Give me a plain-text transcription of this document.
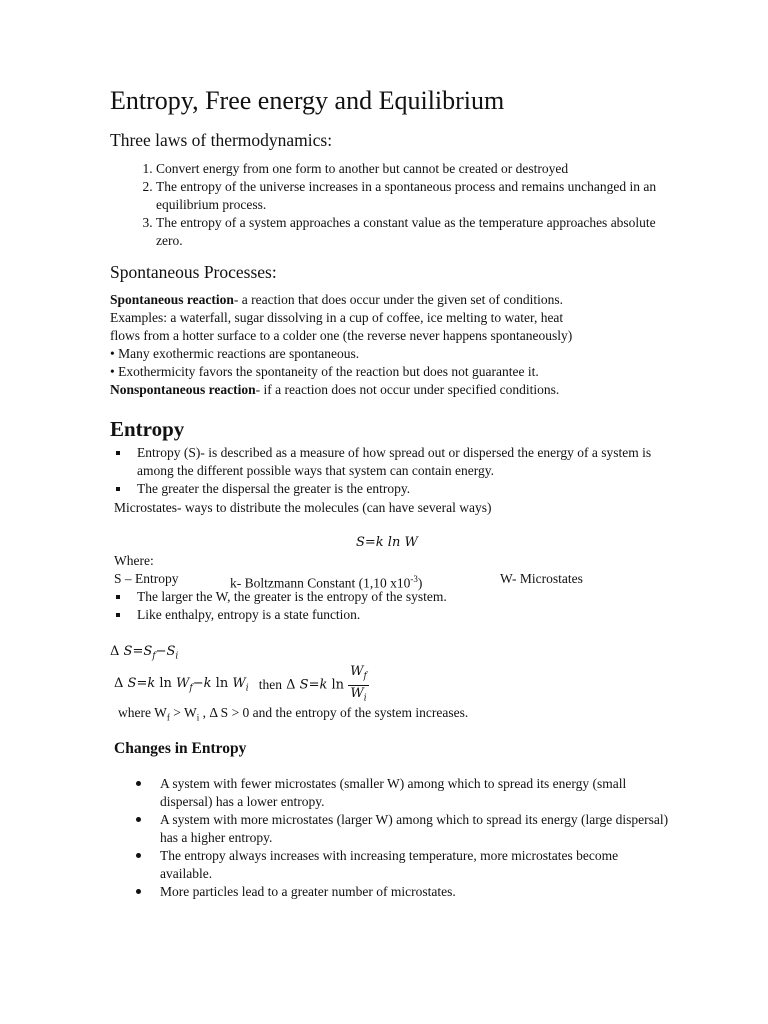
Entropy, Free energy and Equilibrium
Three laws of thermodynamics:
1. Convert energy from one form to another but cannot be created or destroyed
2. The entropy of the universe increases in a spontaneous process and remains unchanged in an equilibrium process.
3. The entropy of a system approaches a constant value as the temperature approaches absolute zero.
Spontaneous Processes:
Spontaneous reaction- a reaction that does occur under the given set of conditions.
Examples: a waterfall, sugar dissolving in a cup of coffee, ice melting to water, heat
flows from a hotter surface to a colder one (the reverse never happens spontaneously)
• Many exothermic reactions are spontaneous.
• Exothermicity favors the spontaneity of the reaction but does not guarantee it.
Nonspontaneous reaction- if a reaction does not occur under specified conditions.
Entropy
Entropy (S)- is described as a measure of how spread out or dispersed the energy of a system is among the different possible ways that system can contain energy.
The greater the dispersal the greater is the entropy.
Microstates- ways to distribute the molecules (can have several ways)
S=k ln W
Where:
S – Entropy	k- Boltzmann Constant (1,10 $x10^{-3}$)	W- Microstates
The larger the W, the greater is the entropy of the system.
Like enthalpy, entropy is a state function.
Δ $S=S_f-S_i$
Δ S=k $\ln W_f-k$ $\ln W_i$ then Δ S=k $\ln \frac{W_f}{W_i}$
where $W_f > W_i$ , Δ S > 0 and the entropy of the system increases.
Changes in Entropy
A system with fewer microstates (smaller W) among which to spread its energy (small dispersal) has a lower entropy.
A system with more microstates (larger W) among which to spread its energy (large dispersal) has a higher entropy.
The entropy always increases with increasing temperature, more microstates become available.
More particles lead to a greater number of microstates.
